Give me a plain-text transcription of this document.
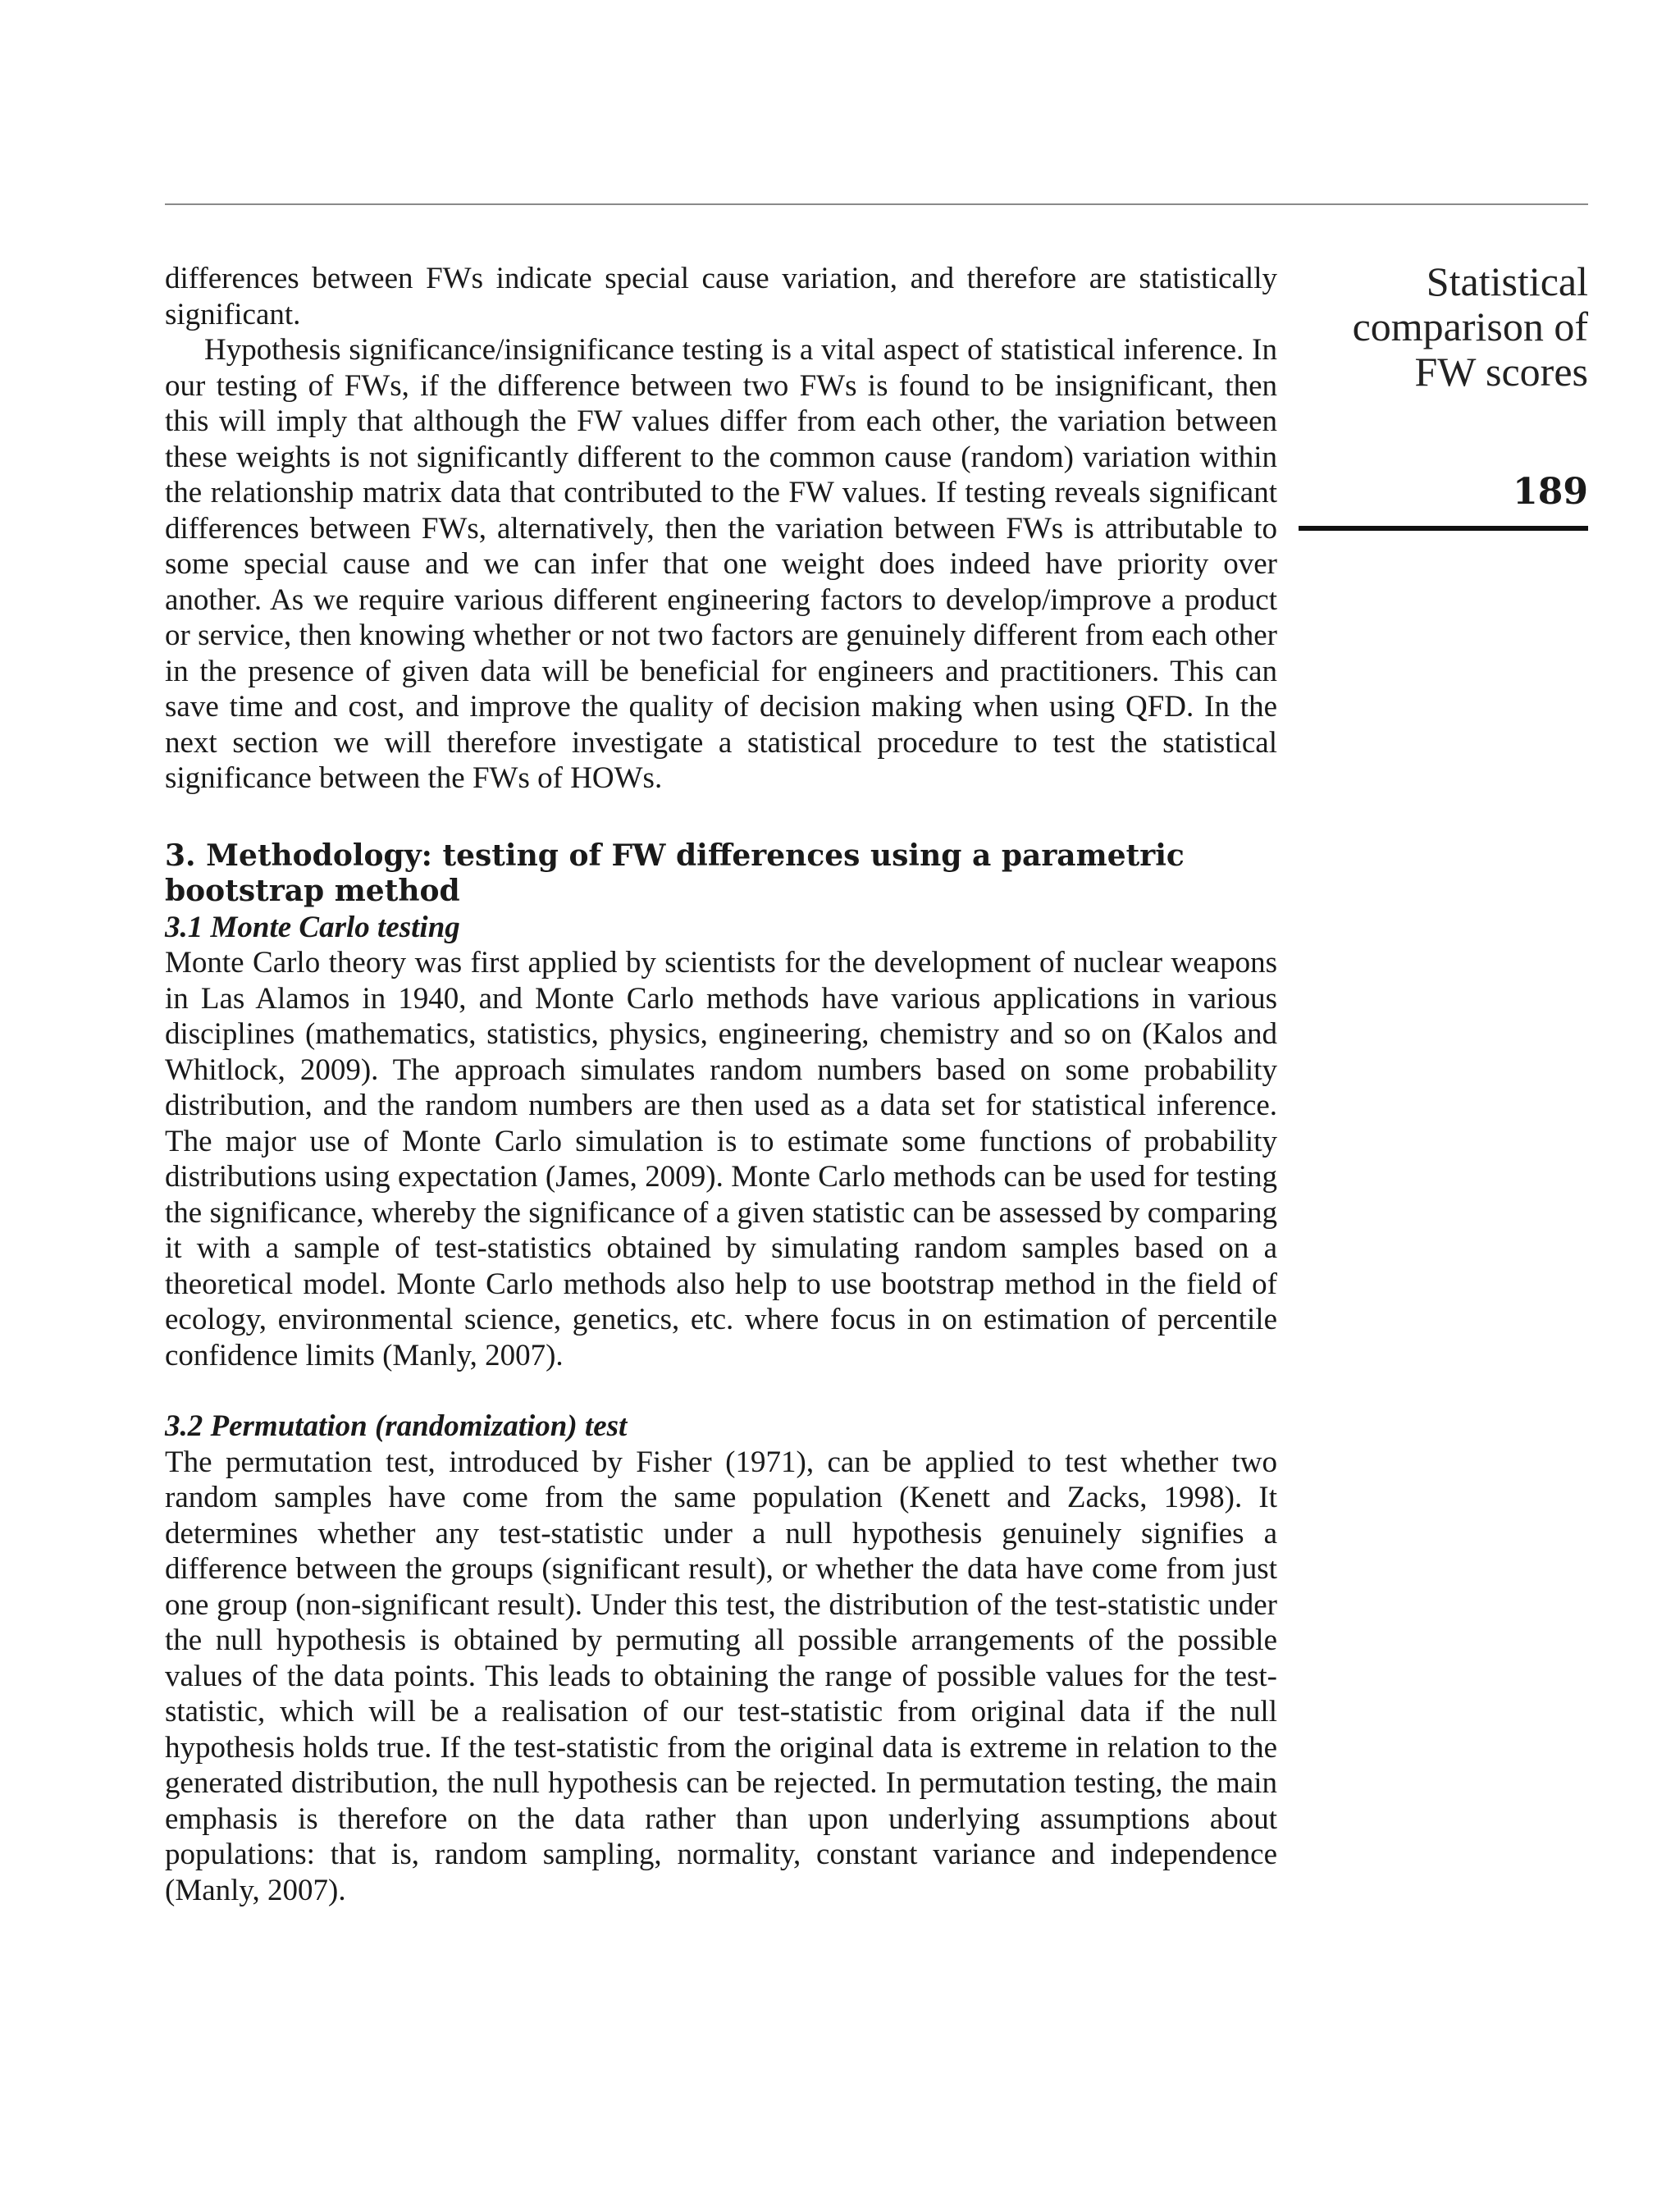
Statistical
comparison of
FW scores
189

differences between FWs indicate special cause variation, and therefore are statistically significant.

Hypothesis significance/insignificance testing is a vital aspect of statistical inference. In our testing of FWs, if the difference between two FWs is found to be insignificant, then this will imply that although the FW values differ from each other, the variation between these weights is not significantly different to the common cause (random) variation within the relationship matrix data that contributed to the FW values. If testing reveals significant differences between FWs, alternatively, then the variation between FWs is attributable to some special cause and we can infer that one weight does indeed have priority over another. As we require various different engineering factors to develop/improve a product or service, then knowing whether or not two factors are genuinely different from each other in the presence of given data will be beneficial for engineers and practitioners. This can save time and cost, and improve the quality of decision making when using QFD. In the next section we will therefore investigate a statistical procedure to test the statistical significance between the FWs of HOWs.

3. Methodology: testing of FW differences using a parametric bootstrap method
3.1 Monte Carlo testing

Monte Carlo theory was first applied by scientists for the development of nuclear weapons in Las Alamos in 1940, and Monte Carlo methods have various applications in various disciplines (mathematics, statistics, physics, engineering, chemistry and so on (Kalos and Whitlock, 2009). The approach simulates random numbers based on some probability distribution, and the random numbers are then used as a data set for statistical inference. The major use of Monte Carlo simulation is to estimate some functions of probability distributions using expectation (James, 2009). Monte Carlo methods can be used for testing the significance, whereby the significance of a given statistic can be assessed by comparing it with a sample of test-statistics obtained by simulating random samples based on a theoretical model. Monte Carlo methods also help to use bootstrap method in the field of ecology, environmental science, genetics, etc. where focus in on estimation of percentile confidence limits (Manly, 2007).

3.2 Permutation (randomization) test

The permutation test, introduced by Fisher (1971), can be applied to test whether two random samples have come from the same population (Kenett and Zacks, 1998). It determines whether any test-statistic under a null hypothesis genuinely signifies a difference between the groups (significant result), or whether the data have come from just one group (non-significant result). Under this test, the distribution of the test-statistic under the null hypothesis is obtained by permuting all possible arrangements of the possible values of the data points. This leads to obtaining the range of possible values for the test-statistic, which will be a realisation of our test-statistic from original data if the null hypothesis holds true. If the test-statistic from the original data is extreme in relation to the generated distribution, the null hypothesis can be rejected. In permutation testing, the main emphasis is therefore on the data rather than upon underlying assumptions about populations: that is, random sampling, normality, constant variance and independence (Manly, 2007).
